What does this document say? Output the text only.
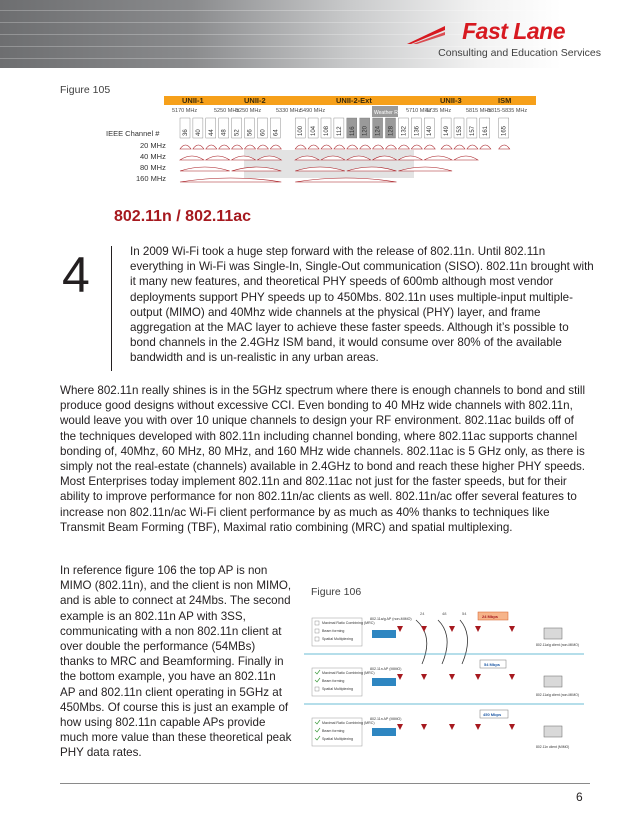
Fast Lane
Consulting and Education Services
Figure 105
UNII-1	UNII-2	UNII-2-Ext	UNII-3	ISM
5170 MHz	5250 MHz
5250 MHz	5330 MHz
5490 MHz	5710 MHz
5735 MHz	5815 MHz
5815-5835 MHz
Weather Radar
IEEE Channel #
20 MHz
40 MHz
80 MHz
160 MHz
36 40 44 48 52 56 60 64	100 104 108 112 116 120 124 128 132 136 140 149 153 157 161 165
802.11n / 802.11ac
4	In 2009 Wi-Fi took a huge step forward with the release of 802.11n. Until 802.11n everything in Wi-Fi was Single-In, Single-Out communication (SISO). 802.11n brought with it many new features, and theoretical PHY speeds of 600mb although most vendor deployments support PHY speeds up to 450Mbs. 802.11n uses multiple-input multiple-output (MIMO) and 40Mhz wide channels at the physical (PHY) layer, and frame aggregation at the MAC layer to achieve these faster speeds. Although it’s possible to bond channels in the 2.4GHz ISM band, it would consume over 80% of the available bandwidth and is un-realistic in any urban areas.

Where 802.11n really shines is in the 5GHz spectrum where there is enough channels to bond and still produce good designs without excessive CCI. Even bonding to 40 MHz wide channels with 802.11n, would leave you with over 10 unique channels to design your RF environment. 802.11ac builds off of the techniques developed with 802.11n including channel bonding, where 802.11ac supports channel bonding of, 40Mhz, 60 MHz, 80 MHz, and 160 MHz wide channels. 802.11ac is 5 GHz only, as there is simply not the real-estate (channels) available in 2.4GHz to bond and reach these higher PHY speeds. Most Enterprises today implement 802.11n and 802.11ac not just for the faster speeds, but for their ability to improve performance for non 802.11n/ac clients as well. 802.11n/ac offer several features to increase non 802.11n/ac Wi-Fi client performance by as much as 40% thanks to techniques like Transmit Beam Forming (TBF), Maximal ratio combining (MRC) and spatial multiplexing.

In reference figure 106 the top AP is non MIMO (802.11n), and the client is non MIMO, and is able to connect at 24Mbs. The second example is an 802.11n AP with 3SS, communicating with a non 802.11n client at over double the performance (54MBs) thanks to MRC and Beamforming. Finally in the bottom example, you have an 802.11n AP and 802.11n client operating in 5GHz at 450Mbs. Of course this is just an example of how using 802.11n capable APs provide much more value than these theoretical peak PHY data rates.

Figure 106
24	48	54
Maximal Ratio Combining (MRC)
Beam forming
Spatial Multiplexing
802.11a/g AP (non-MIMO)	24 Mbps
802.11a/g client (non-MIMO)
Maximal Ratio Combining (MRC)
Beam forming
Spatial Multiplexing
802.11n AP (MIMO)
54 Mbps
802.11a/g client (non-MIMO)
Maximal Ratio Combining (MRC)
Beam forming
Spatial Multiplexing
802.11n AP (MIMO)
450 Mbps
802.11n client (MIMO)
6
